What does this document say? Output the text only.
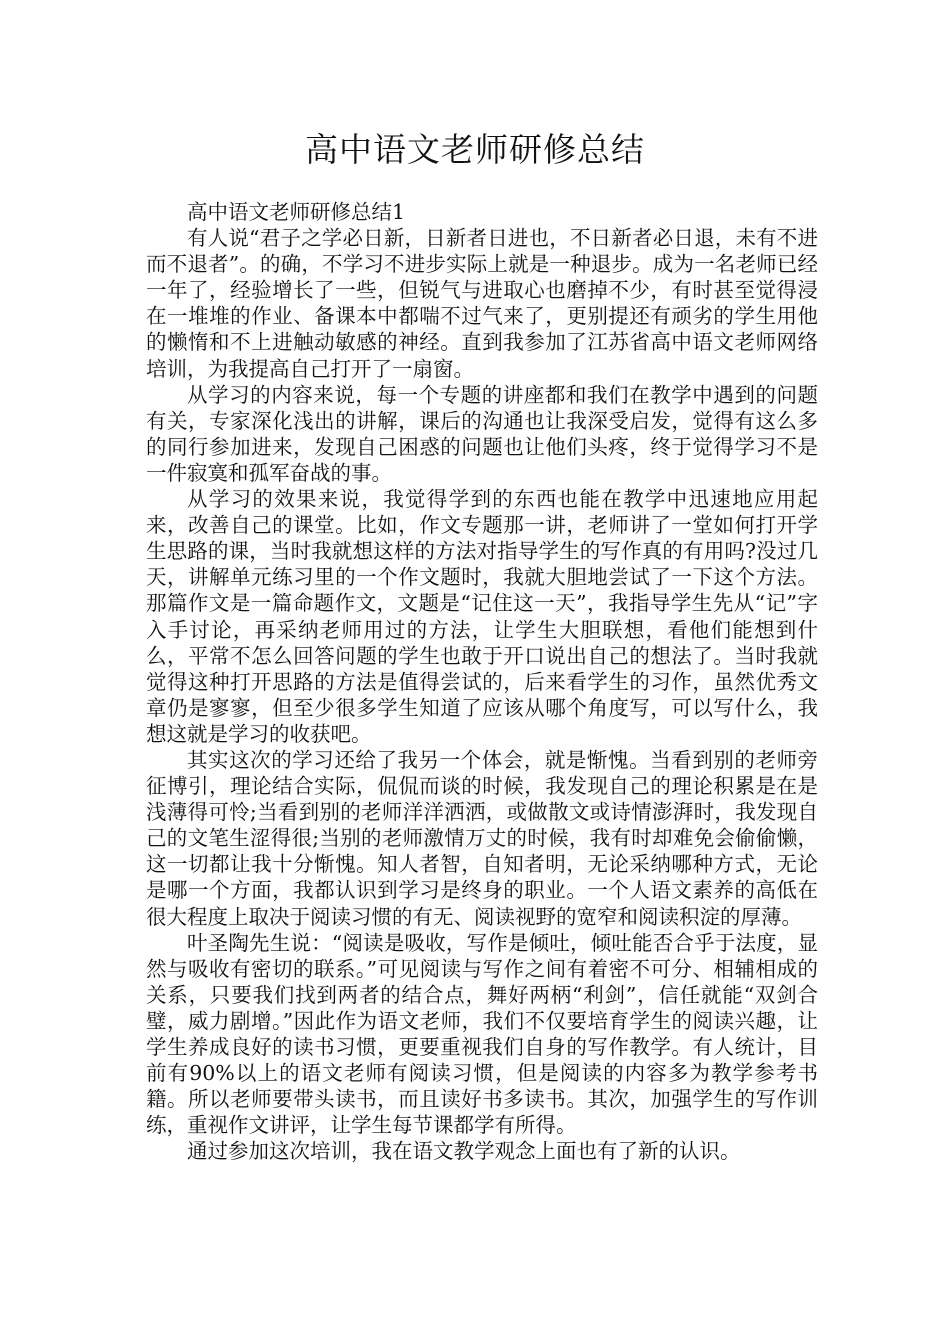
高中语文老师研修总结

高中语文老师研修总结1

有人说“君子之学必日新，日新者日进也，不日新者必日退，未有不进而不退者”。的确，不学习不进步实际上就是一种退步。成为一名老师已经一年了，经验增长了一些，但锐气与进取心也磨掉不少，有时甚至觉得浸在一堆堆的作业、备课本中都喘不过气来了，更别提还有顽劣的学生用他的懒惰和不上进触动敏感的神经。直到我参加了江苏省高中语文老师网络培训，为我提高自己打开了一扇窗。

从学习的内容来说，每一个专题的讲座都和我们在教学中遇到的问题有关，专家深化浅出的讲解，课后的沟通也让我深受启发，觉得有这么多的同行参加进来，发现自己困惑的问题也让他们头疼，终于觉得学习不是一件寂寞和孤军奋战的事。

从学习的效果来说，我觉得学到的东西也能在教学中迅速地应用起来，改善自己的课堂。比如，作文专题那一讲，老师讲了一堂如何打开学生思路的课，当时我就想这样的方法对指导学生的写作真的有用吗?没过几天，讲解单元练习里的一个作文题时，我就大胆地尝试了一下这个方法。那篇作文是一篇命题作文，文题是“记住这一天”，我指导学生先从“记”字入手讨论，再采纳老师用过的方法，让学生大胆联想，看他们能想到什么，平常不怎么回答问题的学生也敢于开口说出自己的想法了。当时我就觉得这种打开思路的方法是值得尝试的，后来看学生的习作，虽然优秀文章仍是寥寥，但至少很多学生知道了应该从哪个角度写，可以写什么，我想这就是学习的收获吧。

其实这次的学习还给了我另一个体会，就是惭愧。当看到别的老师旁征博引，理论结合实际，侃侃而谈的时候，我发现自己的理论积累是在是浅薄得可怜;当看到别的老师洋洋洒洒，或做散文或诗情澎湃时，我发现自己的文笔生涩得很;当别的老师激情万丈的时候，我有时却难免会偷偷懒，这一切都让我十分惭愧。知人者智，自知者明，无论采纳哪种方式，无论是哪一个方面，我都认识到学习是终身的职业。一个人语文素养的高低在很大程度上取决于阅读习惯的有无、阅读视野的宽窄和阅读积淀的厚薄。

叶圣陶先生说：“阅读是吸收，写作是倾吐，倾吐能否合乎于法度，显然与吸收有密切的联系。”可见阅读与写作之间有着密不可分、相辅相成的关系，只要我们找到两者的结合点，舞好两柄“利剑”，信任就能“双剑合璧，威力剧增。”因此作为语文老师，我们不仅要培育学生的阅读兴趣，让学生养成良好的读书习惯，更要重视我们自身的写作教学。有人统计，目前有90%以上的语文老师有阅读习惯，但是阅读的内容多为教学参考书籍。所以老师要带头读书，而且读好书多读书。其次，加强学生的写作训练，重视作文讲评，让学生每节课都学有所得。

通过参加这次培训，我在语文教学观念上面也有了新的认识。
